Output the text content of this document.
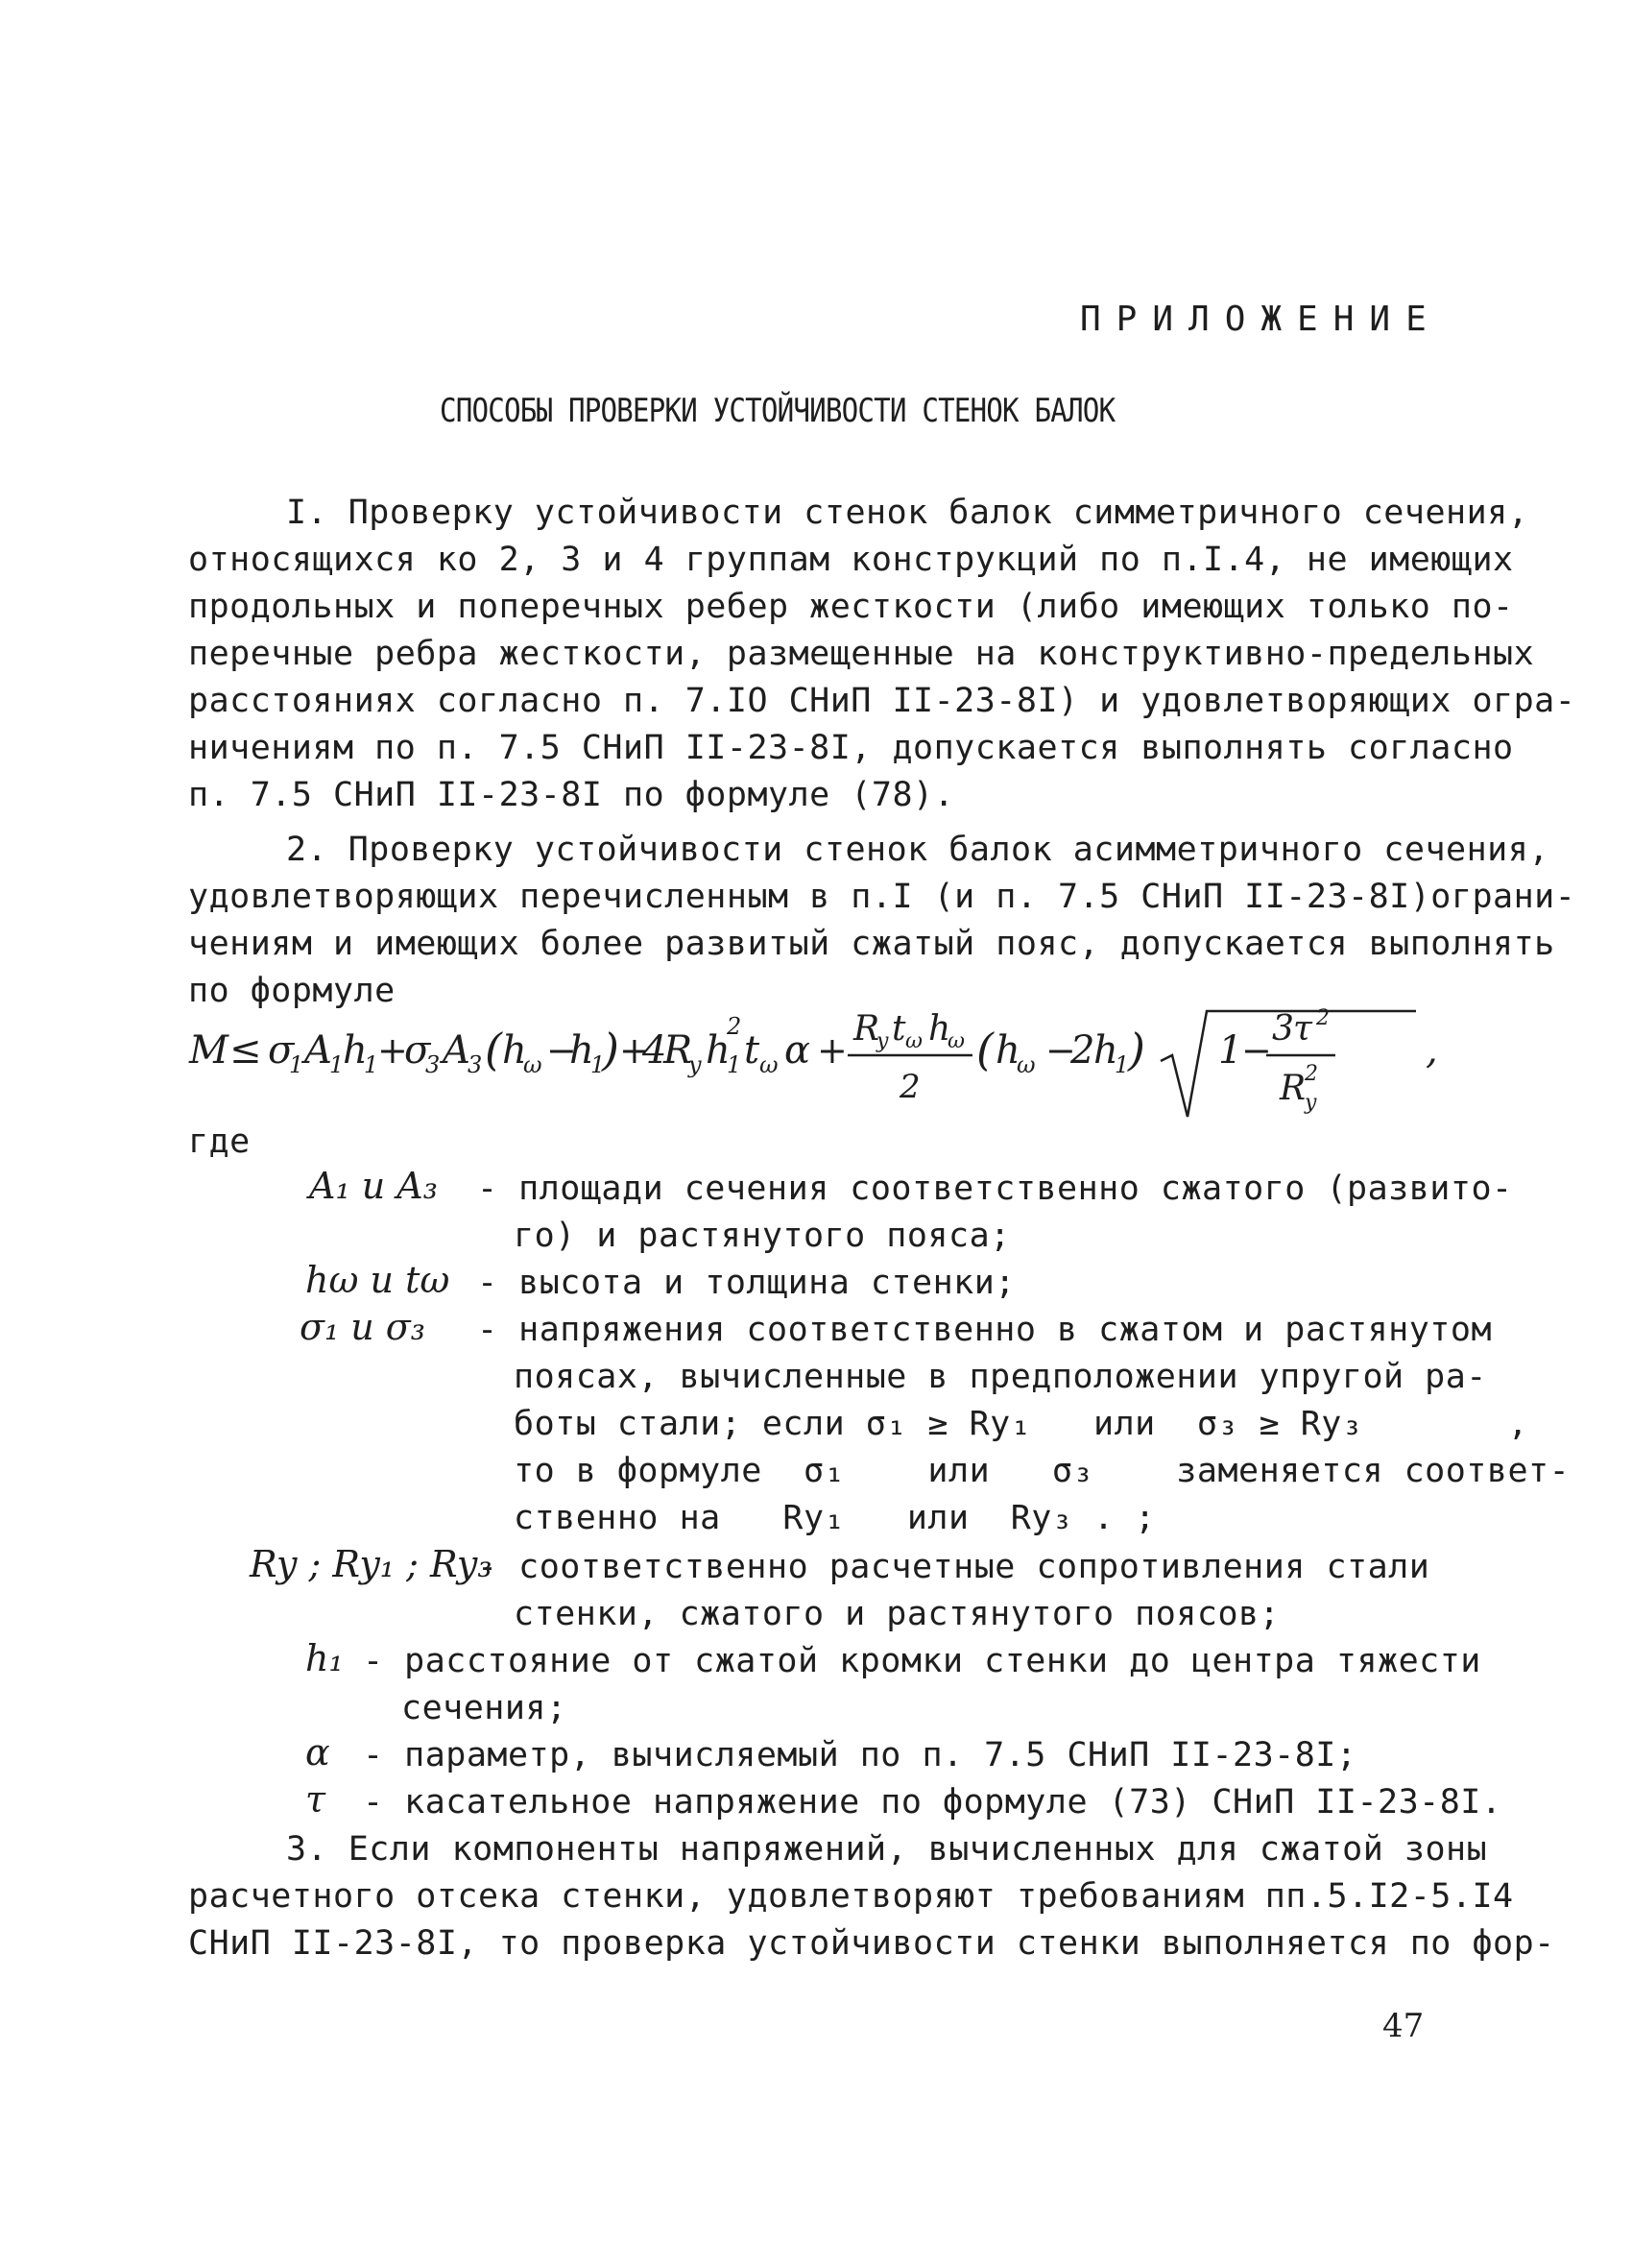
ПРИЛОЖЕНИЕ
СПОСОБЫ ПРОВЕРКИ УСТОЙЧИВОСТИ СТЕНОК БАЛОК
I. Проверку устойчивости стенок балок симметричного сечения,
относящихся ко 2, 3 и 4 группам конструкций по п.I.4, не имеющих
продольных и поперечных ребер жесткости (либо имеющих только по-
перечные ребра жесткости, размещенные на конструктивно-предельных
расстояниях согласно п. 7.IO СНиП II-23-8I) и удовлетворяющих огра-
ничениям по п. 7.5 СНиП II-23-8I, допускается выполнять согласно
п. 7.5 СНиП II-23-8I по формуле (78).
2. Проверку устойчивости стенок балок асимметричного сечения,
удовлетворяющих перечисленным в п.I (и п. 7.5 СНиП II-23-8I)ограни-
чениям и имеющих более развитый сжатый пояс, допускается выполнять
по формуле
M ≤ σ
1 A
1
h
1
+
σ
3 A
3 ( h
ω −
h
1
) +
4
R
y h
2
1 t ω α +
R
y t ω h
ω
2
( h
ω −
2
h
1
) 1
−
3 τ 2
R
2
y
,
где
A₁ и A₃ - площади сечения соответственно сжатого (развито-
го) и растянутого пояса;
hω и tω - высота и толщина стенки;
σ₁ и σ₃ - напряжения соответственно в сжатом и растянутом
поясах, вычисленные в предположении упругой ра-
боты стали; если σ₁ ≥ Ry₁   или  σ₃ ≥ Ry₃       ,
то в формуле  σ₁    или   σ₃    заменяется соответ-
ственно на   Ry₁   или  Ry₃ . ;
Ry ; Ry₁ ; Ry₃
- соответственно расчетные сопротивления стали
стенки, сжатого и растянутого поясов;
h₁ - расстояние от сжатой кромки стенки до центра тяжести
сечения;
α - параметр, вычисляемый по п. 7.5 СНиП II-23-8I;
τ - касательное напряжение по формуле (73) СНиП II-23-8I.
3. Если компоненты напряжений, вычисленных для сжатой зоны
расчетного отсека стенки, удовлетворяют требованиям пп.5.I2-5.I4
СНиП II-23-8I, то проверка устойчивости стенки выполняется по фор-
47
